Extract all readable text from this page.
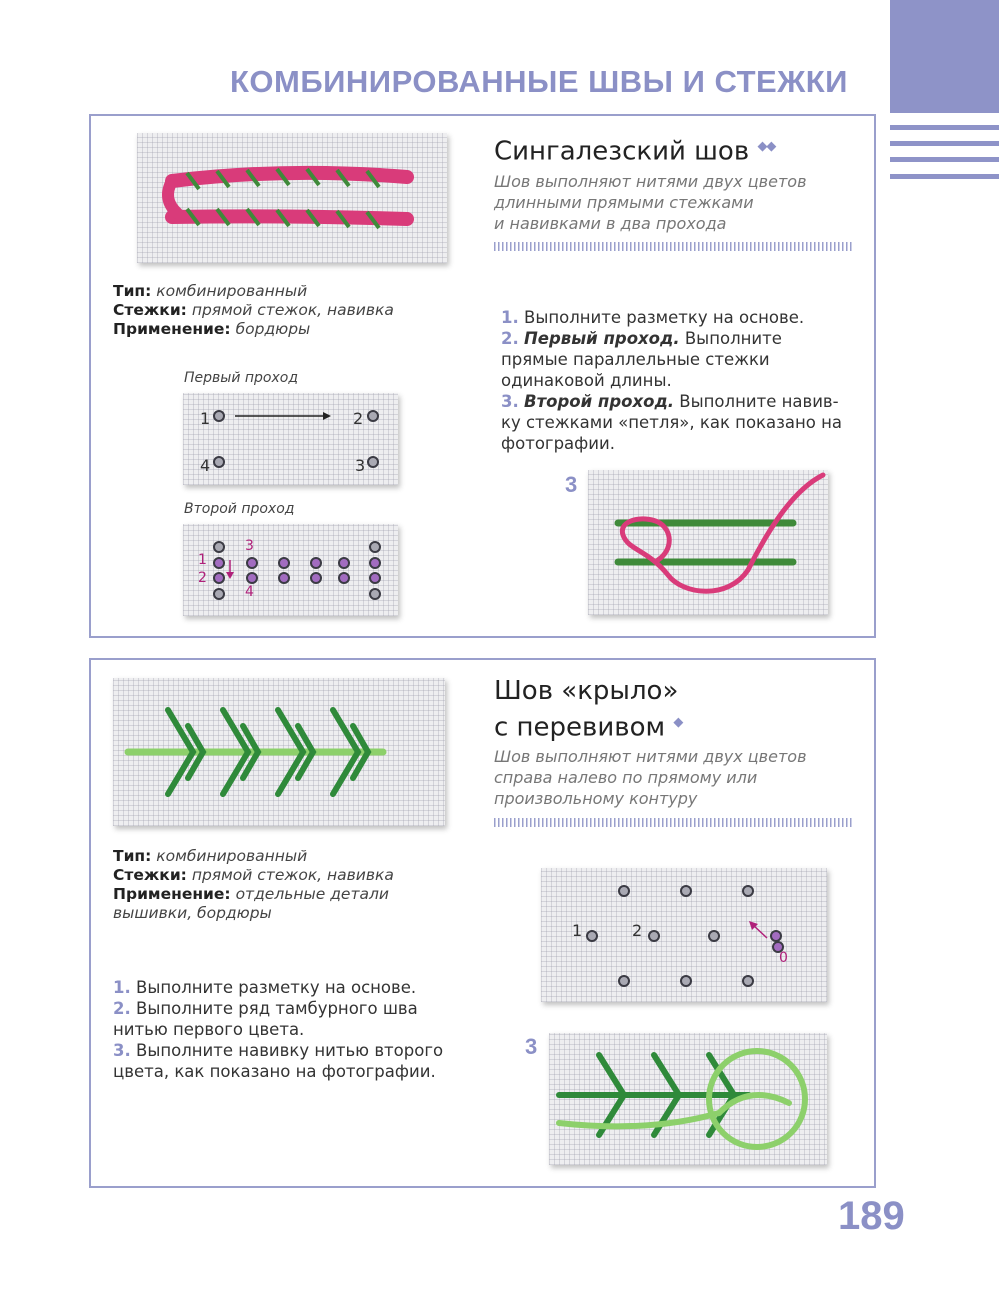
КОМБИНИРОВАННЫЕ ШВЫ И СТЕЖКИ
Сингалезский шов ◆◆
Шов выполняют нитями двух цветов
длинными прямыми стежками
и навивками в два прохода
Тип: комбинированный
Стежки: прямой стежок, навивка
Применение: бордюры
Первый проход
1	2
3
4
Второй проход
1
2
3
4
1. Выполните разметку на основе.
2. Первый проход. Выполните прямые параллельные стежки одинаковой длины.
3. Второй проход. Выполните навив-ку стежками «петля», как показано на фотографии.
3
Шов «крыло»
с перевивом ◆
Шов выполняют нитями двух цветов
справа налево по прямому или
произвольному контуру
Тип: комбинированный
Стежки: прямой стежок, навивка
Применение: отдельные детали
вышивки, бордюры
1. Выполните разметку на основе.
2. Выполните ряд тамбурного шва нитью первого цвета.
3. Выполните навивку нитью второго цвета, как показано на фотографии.
1	2
0
3
189
